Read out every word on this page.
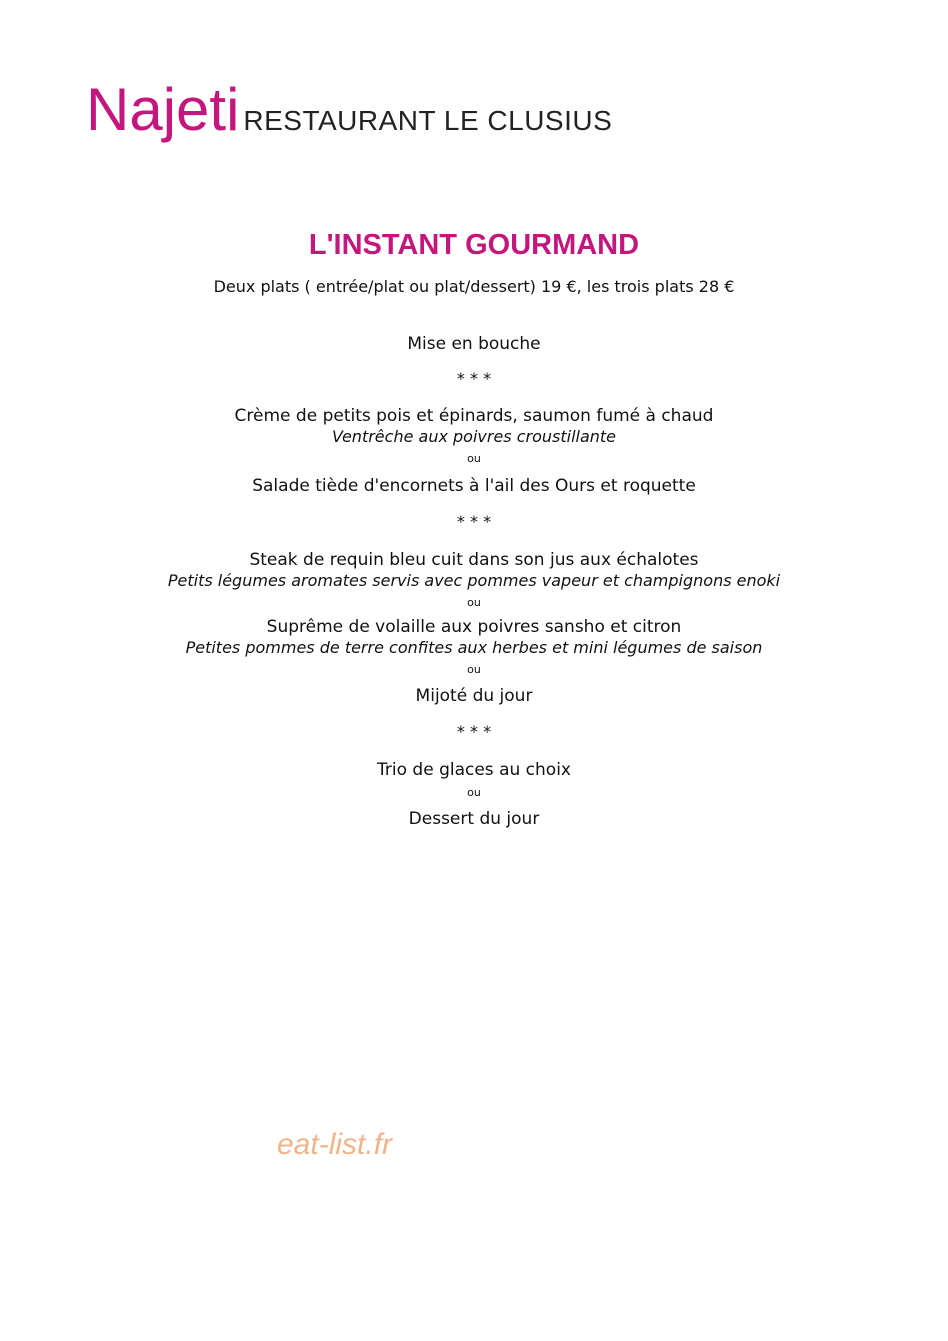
Najeti RESTAURANT LE CLUSIUS
L'INSTANT GOURMAND
Deux plats ( entrée/plat ou plat/dessert) 19 €, les trois plats 28 €
Mise en bouche
* * *
Crème de petits pois et épinards, saumon fumé à chaud
Ventrêche aux poivres croustillante
ou
Salade tiède d'encornets à l'ail des Ours et roquette
* * *
Steak de requin bleu cuit dans son jus aux échalotes
Petits légumes aromates servis avec pommes vapeur et champignons enoki
ou
Suprême de volaille aux poivres sansho et citron
Petites pommes de terre confites aux herbes et mini légumes de saison
ou
Mijoté du jour
* * *
Trio de glaces au choix
ou
Dessert du jour
eat-list.fr
